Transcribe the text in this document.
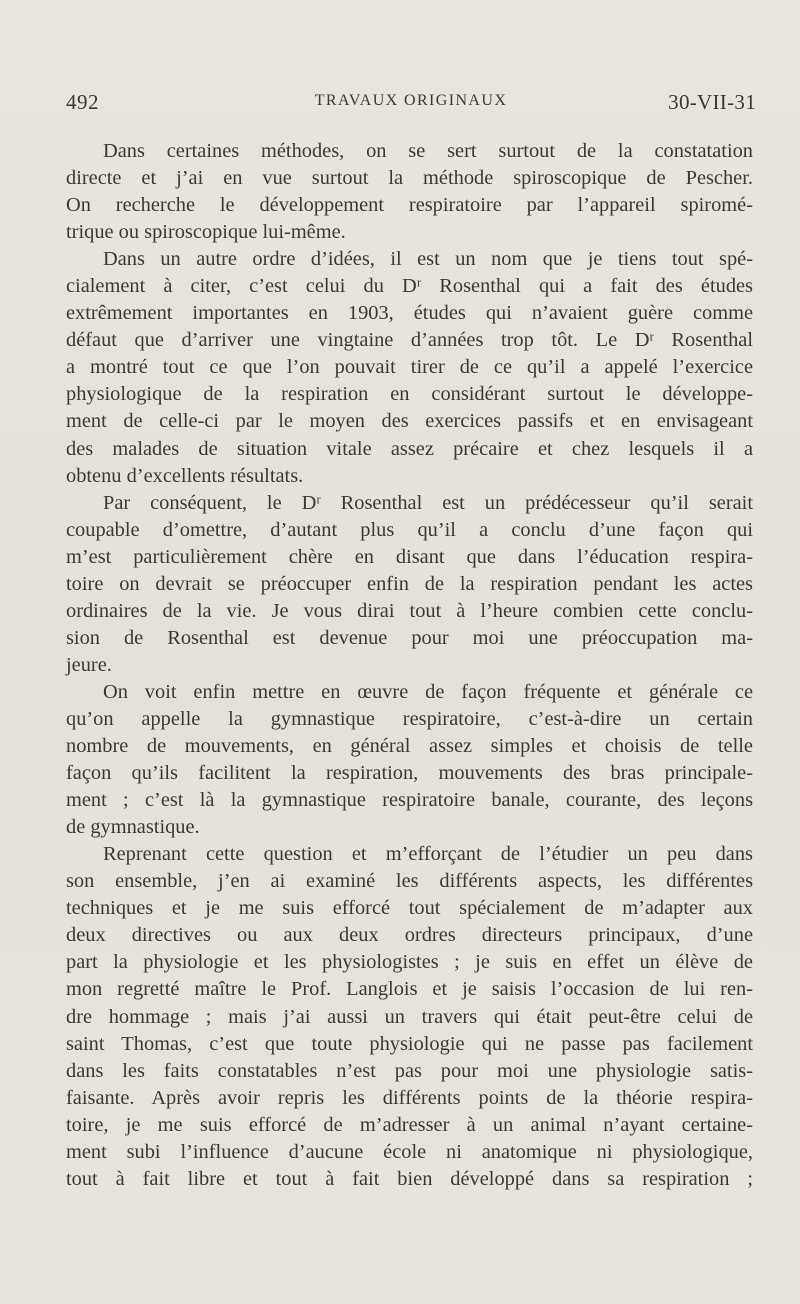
492	TRAVAUX ORIGINAUX	30-VII-31
Dans certaines méthodes, on se sert surtout de la constatation
directe et j’ai en vue surtout la méthode spiroscopique de Pescher.
On recherche le développement respiratoire par l’appareil spiromé-
trique ou spiroscopique lui-même.
Dans un autre ordre d’idées, il est un nom que je tiens tout spé-
cialement à citer, c’est celui du Dʳ Rosenthal qui a fait des études
extrêmement importantes en 1903, études qui n’avaient guère comme
défaut que d’arriver une vingtaine d’années trop tôt. Le Dʳ Rosenthal
a montré tout ce que l’on pouvait tirer de ce qu’il a appelé l’exercice
physiologique de la respiration en considérant surtout le développe-
ment de celle-ci par le moyen des exercices passifs et en envisageant
des malades de situation vitale assez précaire et chez lesquels il a
obtenu d’excellents résultats.
Par conséquent, le Dʳ Rosenthal est un prédécesseur qu’il serait
coupable d’omettre, d’autant plus qu’il a conclu d’une façon qui
m’est particulièrement chère en disant que dans l’éducation respira-
toire on devrait se préoccuper enfin de la respiration pendant les actes
ordinaires de la vie. Je vous dirai tout à l’heure combien cette conclu-
sion de Rosenthal est devenue pour moi une préoccupation ma-
jeure.
On voit enfin mettre en œuvre de façon fréquente et générale ce
qu’on appelle la gymnastique respiratoire, c’est-à-dire un certain
nombre de mouvements, en général assez simples et choisis de telle
façon qu’ils facilitent la respiration, mouvements des bras principale-
ment ; c’est là la gymnastique respiratoire banale, courante, des leçons
de gymnastique.
Reprenant cette question et m’efforçant de l’étudier un peu dans
son ensemble, j’en ai examiné les différents aspects, les différentes
techniques et je me suis efforcé tout spécialement de m’adapter aux
deux directives ou aux deux ordres directeurs principaux, d’une
part la physiologie et les physiologistes ; je suis en effet un élève de
mon regretté maître le Prof. Langlois et je saisis l’occasion de lui ren-
dre hommage ; mais j’ai aussi un travers qui était peut-être celui de
saint Thomas, c’est que toute physiologie qui ne passe pas facilement
dans les faits constatables n’est pas pour moi une physiologie satis-
faisante. Après avoir repris les différents points de la théorie respira-
toire, je me suis efforcé de m’adresser à un animal n’ayant certaine-
ment subi l’influence d’aucune école ni anatomique ni physiologique,
tout à fait libre et tout à fait bien développé dans sa respiration ;
